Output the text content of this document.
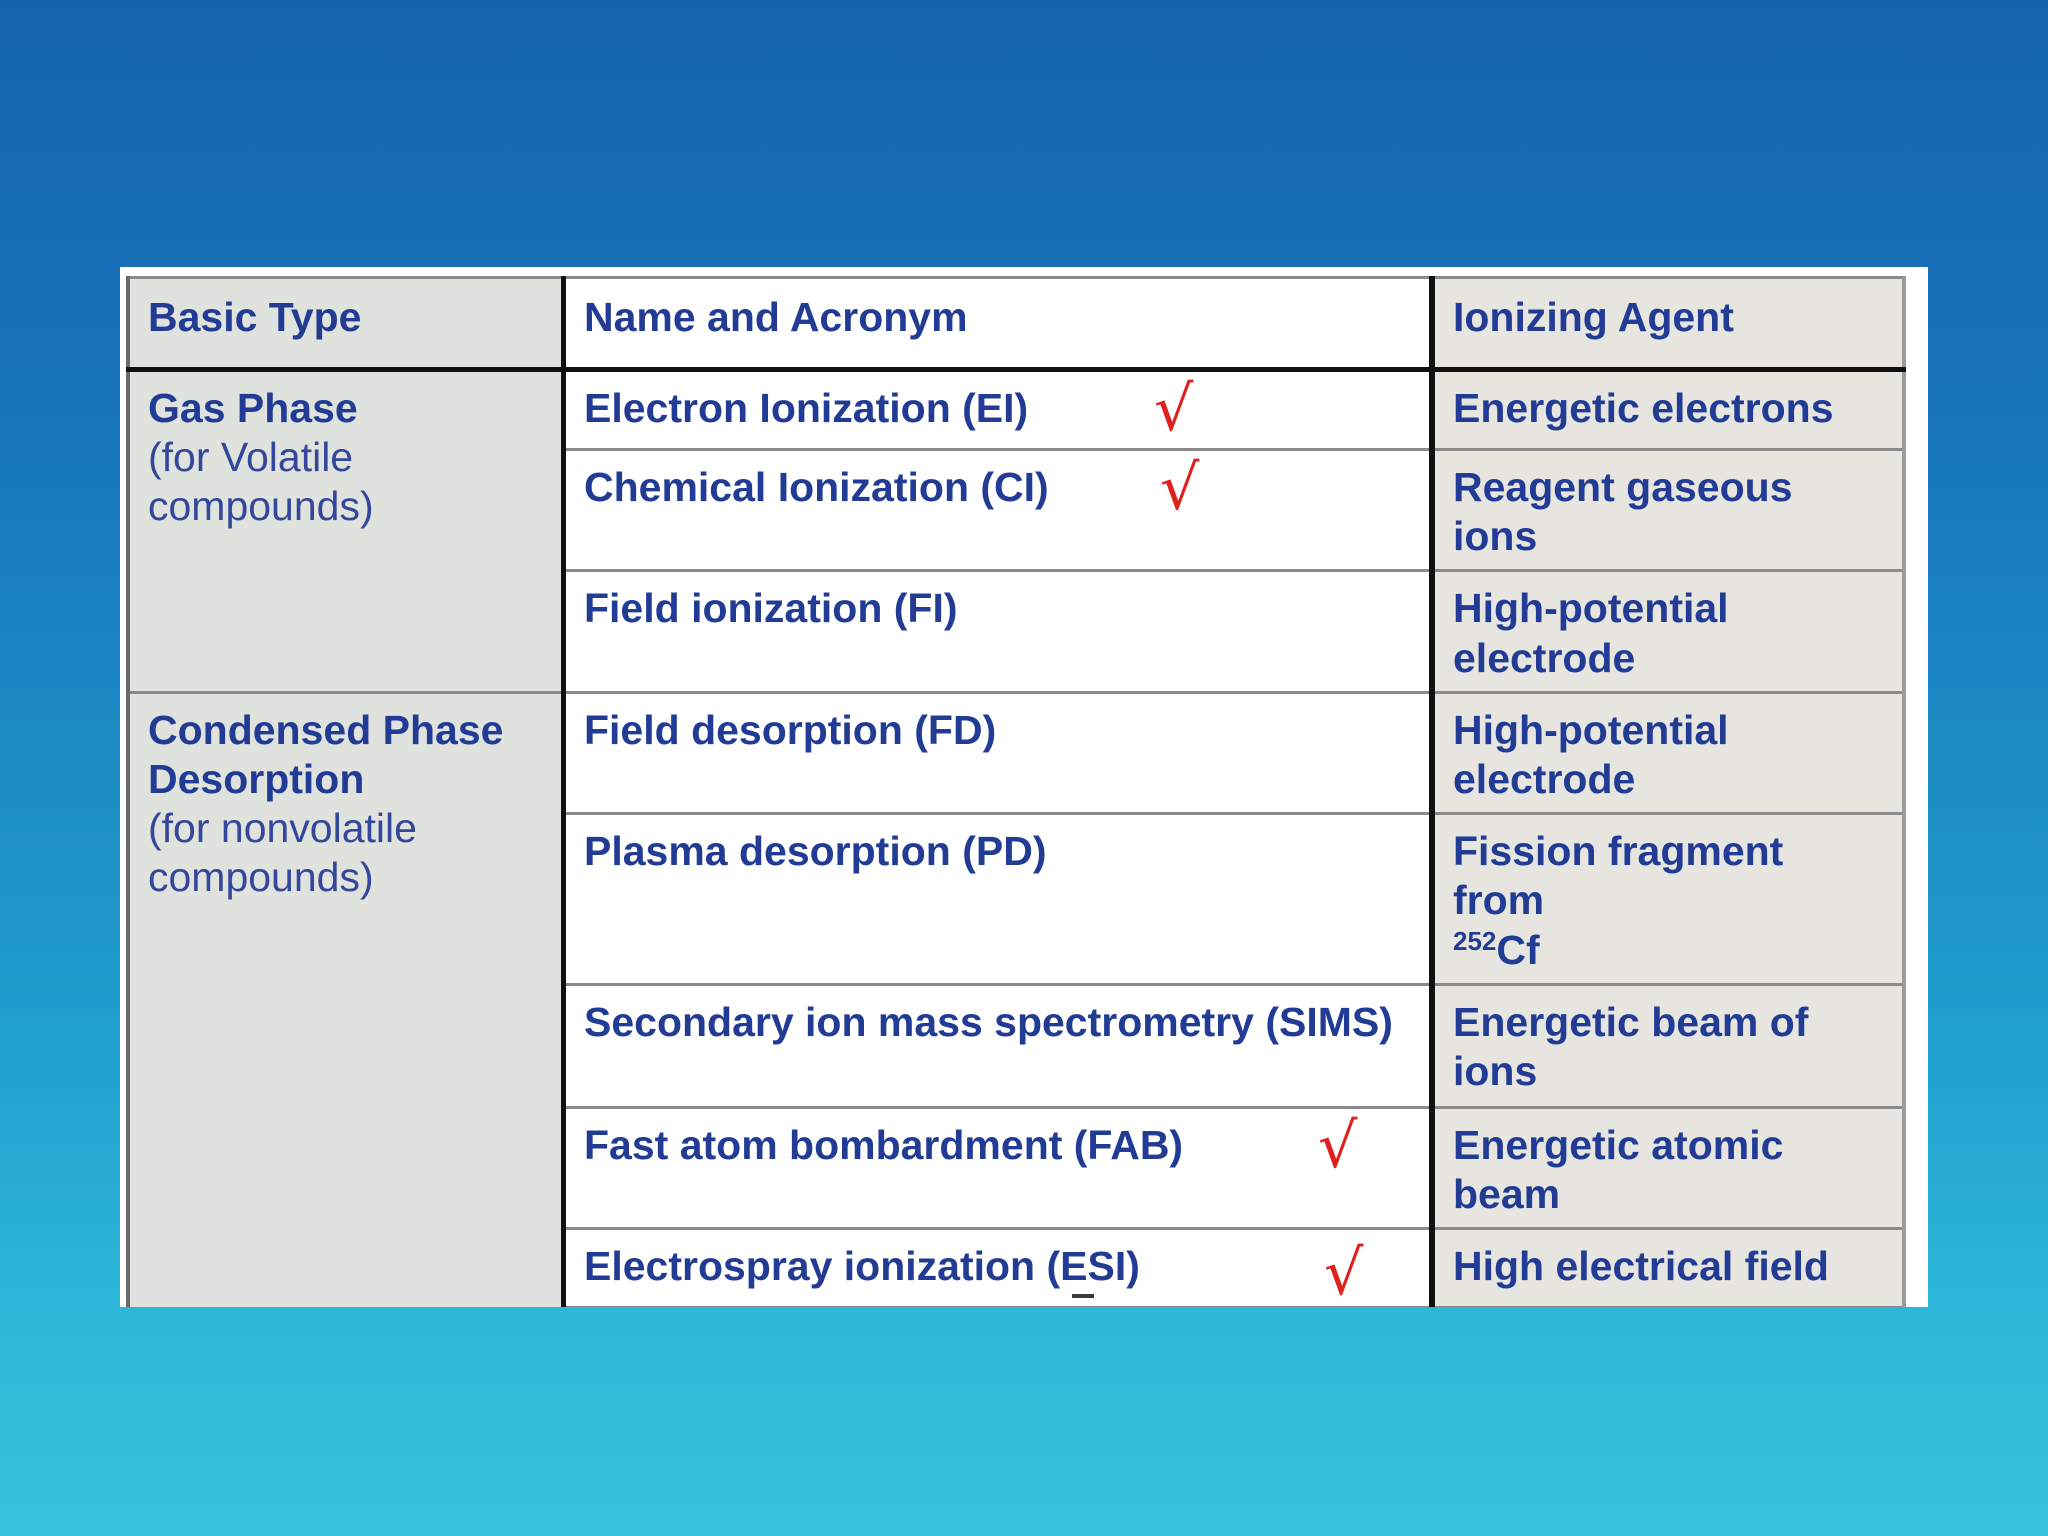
Basic Type	Name and Acronym	Ionizing Agent

Gas Phase
(for Volatile compounds)	Electron Ionization (EI) √	Energetic electrons
	Chemical Ionization (CI) √	Reagent gaseous ions
	Field ionization (FI)	High-potential electrode

Condensed Phase Desorption
(for nonvolatile compounds)	Field desorption (FD)	High-potential electrode
	Plasma desorption (PD)	Fission fragment from
$^{252}$Cf
	Secondary ion mass spectrometry (SIMS)	Energetic beam of ions
	Fast atom bombardment (FAB) √	Energetic atomic beam
	Electrospray ionization (ESI) √	High electrical field
